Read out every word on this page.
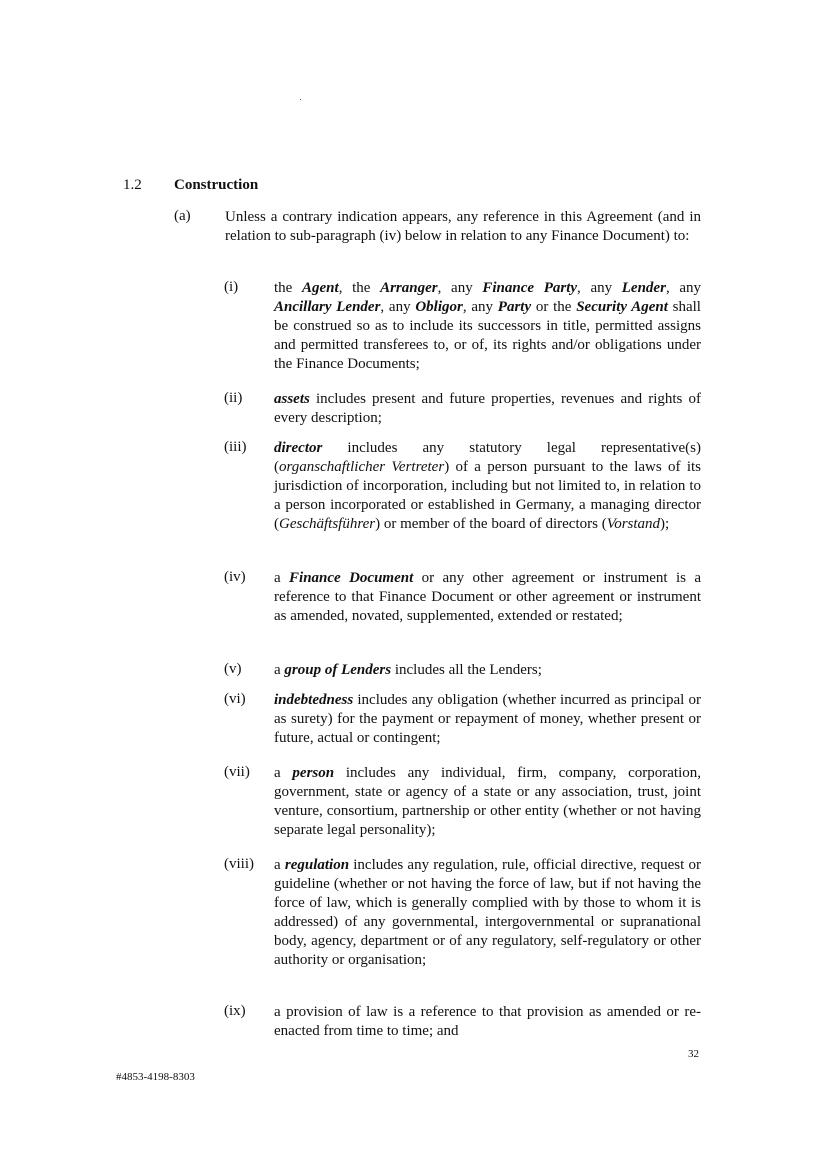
1.2 Construction
(a) Unless a contrary indication appears, any reference in this Agreement (and in relation to sub-paragraph (iv) below in relation to any Finance Document) to:
(i) the Agent, the Arranger, any Finance Party, any Lender, any Ancillary Lender, any Obligor, any Party or the Security Agent shall be construed so as to include its successors in title, permitted assigns and permitted transferees to, or of, its rights and/or obligations under the Finance Documents;
(ii) assets includes present and future properties, revenues and rights of every description;
(iii) director includes any statutory legal representative(s) (organschaftlicher Vertreter) of a person pursuant to the laws of its jurisdiction of incorporation, including but not limited to, in relation to a person incorporated or established in Germany, a managing director (Geschäftsführer) or member of the board of directors (Vorstand);
(iv) a Finance Document or any other agreement or instrument is a reference to that Finance Document or other agreement or instrument as amended, novated, supplemented, extended or restated;
(v) a group of Lenders includes all the Lenders;
(vi) indebtedness includes any obligation (whether incurred as principal or as surety) for the payment or repayment of money, whether present or future, actual or contingent;
(vii) a person includes any individual, firm, company, corporation, government, state or agency of a state or any association, trust, joint venture, consortium, partnership or other entity (whether or not having separate legal personality);
(viii) a regulation includes any regulation, rule, official directive, request or guideline (whether or not having the force of law, but if not having the force of law, which is generally complied with by those to whom it is addressed) of any governmental, intergovernmental or supranational body, agency, department or of any regulatory, self-regulatory or other authority or organisation;
(ix) a provision of law is a reference to that provision as amended or re-enacted from time to time; and
32
#4853-4198-8303
